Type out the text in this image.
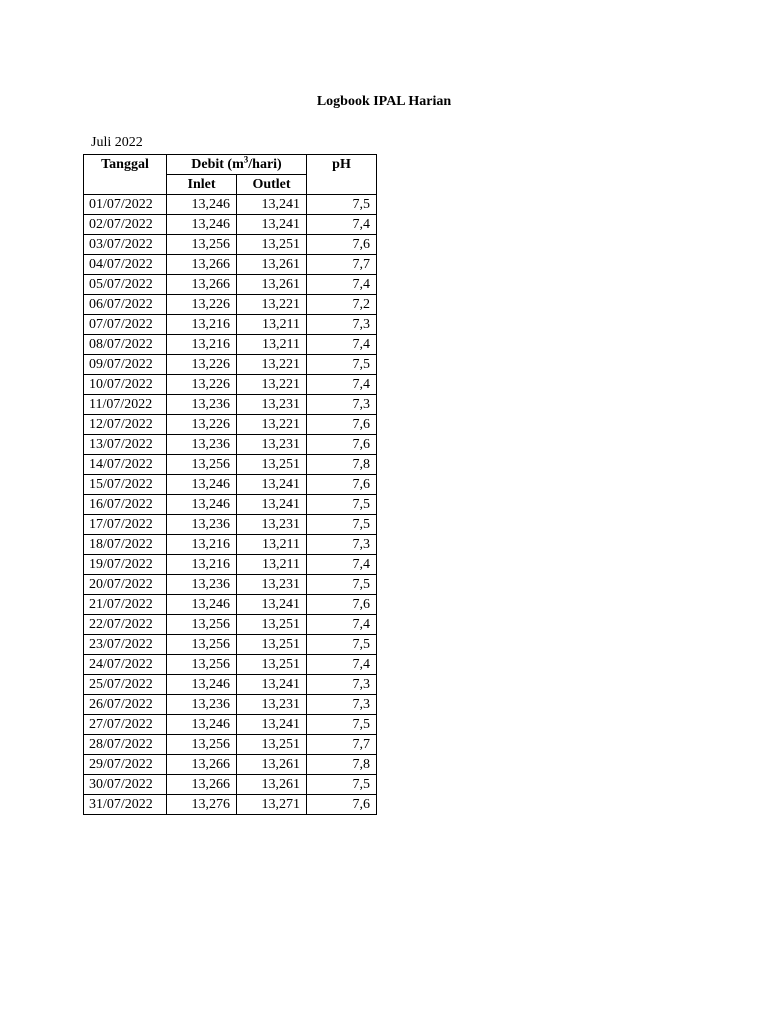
Logbook IPAL Harian
Juli 2022
Tanggal	Debit $(m^3/hari)$		pH
	Inlet	Outlet	
01/07/2022	13,246	13,241	7,5
02/07/2022	13,246	13,241	7,4
03/07/2022	13,256	13,251	7,6
04/07/2022	13,266	13,261	7,7
05/07/2022	13,266	13,261	7,4
06/07/2022	13,226	13,221	7,2
07/07/2022	13,216	13,211	7,3
08/07/2022	13,216	13,211	7,4
09/07/2022	13,226	13,221	7,5
10/07/2022	13,226	13,221	7,4
11/07/2022	13,236	13,231	7,3
12/07/2022	13,226	13,221	7,6
13/07/2022	13,236	13,231	7,6
14/07/2022	13,256	13,251	7,8
15/07/2022	13,246	13,241	7,6
16/07/2022	13,246	13,241	7,5
17/07/2022	13,236	13,231	7,5
18/07/2022	13,216	13,211	7,3
19/07/2022	13,216	13,211	7,4
20/07/2022	13,236	13,231	7,5
21/07/2022	13,246	13,241	7,6
22/07/2022	13,256	13,251	7,4
23/07/2022	13,256	13,251	7,5
24/07/2022	13,256	13,251	7,4
25/07/2022	13,246	13,241	7,3
26/07/2022	13,236	13,231	7,3
27/07/2022	13,246	13,241	7,5
28/07/2022	13,256	13,251	7,7
29/07/2022	13,266	13,261	7,8
30/07/2022	13,266	13,261	7,5
31/07/2022	13,276	13,271	7,6
